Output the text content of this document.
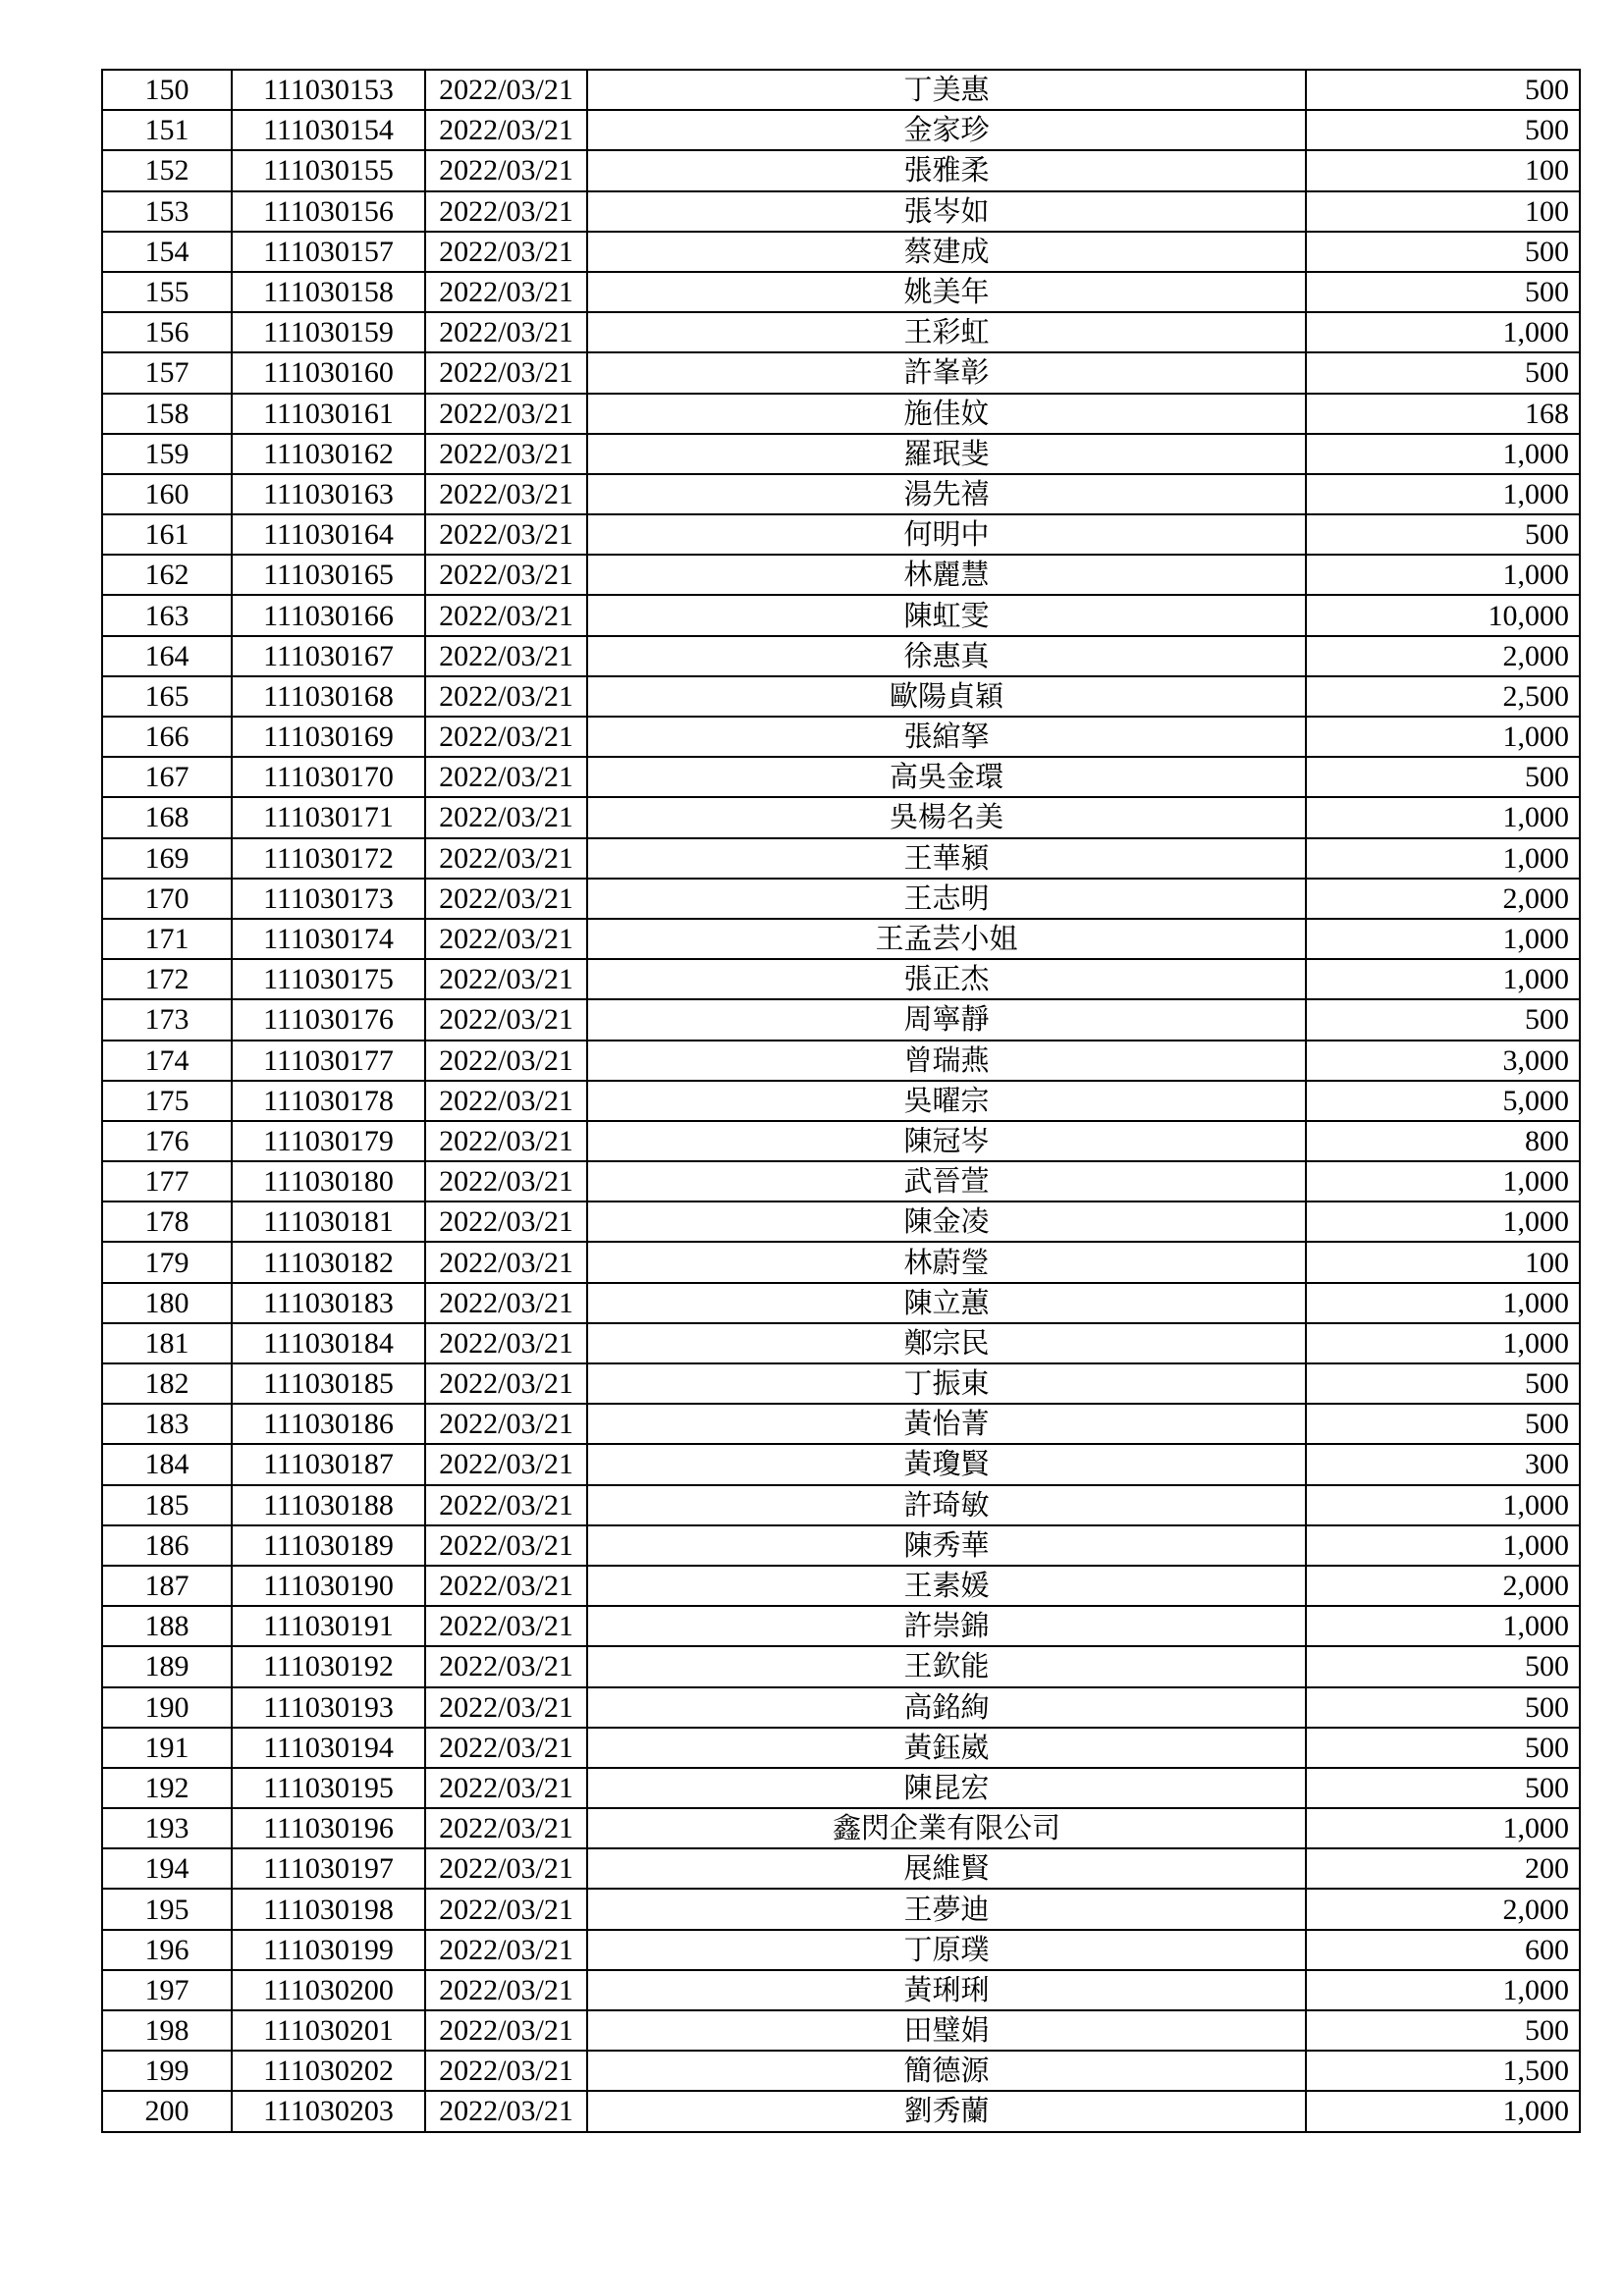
150	111030153	2022/03/21	丁美惠	500
151	111030154	2022/03/21	金家珍	500
152	111030155	2022/03/21	張雅柔	100
153	111030156	2022/03/21	張岑如	100
154	111030157	2022/03/21	蔡建成	500
155	111030158	2022/03/21	姚美年	500
156	111030159	2022/03/21	王彩虹	1,000
157	111030160	2022/03/21	許峯彰	500
158	111030161	2022/03/21	施佳妏	168
159	111030162	2022/03/21	羅珉斐	1,000
160	111030163	2022/03/21	湯先禧	1,000
161	111030164	2022/03/21	何明中	500
162	111030165	2022/03/21	林麗慧	1,000
163	111030166	2022/03/21	陳虹雯	10,000
164	111030167	2022/03/21	徐惠真	2,000
165	111030168	2022/03/21	歐陽貞穎	2,500
166	111030169	2022/03/21	張綰拏	1,000
167	111030170	2022/03/21	高吳金環	500
168	111030171	2022/03/21	吳楊名美	1,000
169	111030172	2022/03/21	王華潁	1,000
170	111030173	2022/03/21	王志明	2,000
171	111030174	2022/03/21	王孟芸小姐	1,000
172	111030175	2022/03/21	張正杰	1,000
173	111030176	2022/03/21	周寧靜	500
174	111030177	2022/03/21	曾瑞燕	3,000
175	111030178	2022/03/21	吳曜宗	5,000
176	111030179	2022/03/21	陳冠岑	800
177	111030180	2022/03/21	武晉萱	1,000
178	111030181	2022/03/21	陳金凌	1,000
179	111030182	2022/03/21	林蔚瑩	100
180	111030183	2022/03/21	陳立蕙	1,000
181	111030184	2022/03/21	鄭宗民	1,000
182	111030185	2022/03/21	丁振東	500
183	111030186	2022/03/21	黃怡菁	500
184	111030187	2022/03/21	黃瓊賢	300
185	111030188	2022/03/21	許琦敏	1,000
186	111030189	2022/03/21	陳秀華	1,000
187	111030190	2022/03/21	王素媛	2,000
188	111030191	2022/03/21	許崇錦	1,000
189	111030192	2022/03/21	王欽能	500
190	111030193	2022/03/21	高銘絢	500
191	111030194	2022/03/21	黃鈺崴	500
192	111030195	2022/03/21	陳昆宏	500
193	111030196	2022/03/21	鑫閃企業有限公司	1,000
194	111030197	2022/03/21	展維賢	200
195	111030198	2022/03/21	王夢迪	2,000
196	111030199	2022/03/21	丁原璞	600
197	111030200	2022/03/21	黃琍琍	1,000
198	111030201	2022/03/21	田璧娟	500
199	111030202	2022/03/21	簡德源	1,500
200	111030203	2022/03/21	劉秀蘭	1,000
